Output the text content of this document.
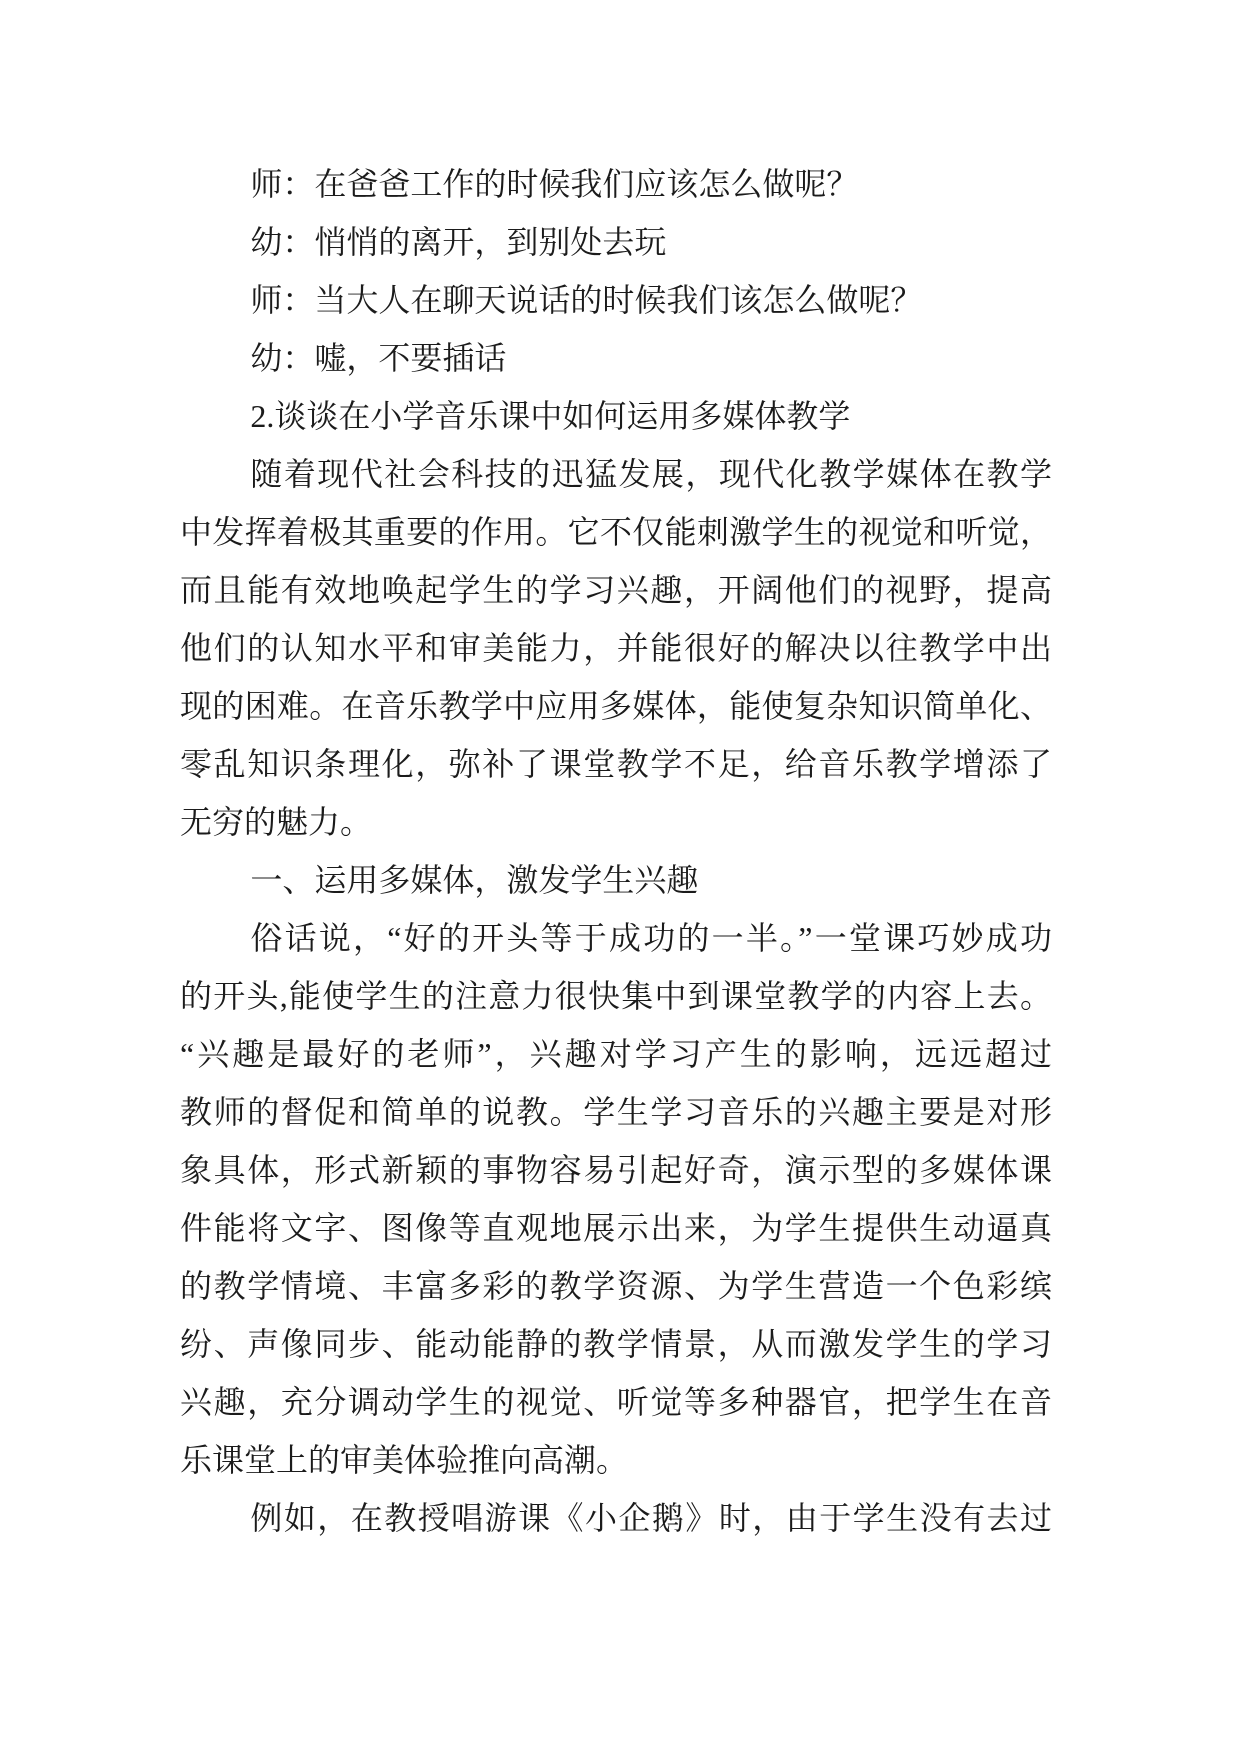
师：在爸爸工作的时候我们应该怎么做呢？
幼：悄悄的离开，到别处去玩
师：当大人在聊天说话的时候我们该怎么做呢？
幼：嘘，不要插话
2.谈谈在小学音乐课中如何运用多媒体教学
随着现代社会科技的迅猛发展，现代化教学媒体在教学
中发挥着极其重要的作用。它不仅能刺激学生的视觉和听觉，
而且能有效地唤起学生的学习兴趣，开阔他们的视野，提高
他们的认知水平和审美能力，并能很好的解决以往教学中出
现的困难。在音乐教学中应用多媒体，能使复杂知识简单化、
零乱知识条理化，弥补了课堂教学不足，给音乐教学增添了
无穷的魅力。
一、运用多媒体，激发学生兴趣
俗话说，“好的开头等于成功的一半。”一堂课巧妙成功
的开头,能使学生的注意力很快集中到课堂教学的内容上去。
“兴趣是最好的老师”，兴趣对学习产生的影响，远远超过
教师的督促和简单的说教。学生学习音乐的兴趣主要是对形
象具体，形式新颖的事物容易引起好奇，演示型的多媒体课
件能将文字、图像等直观地展示出来，为学生提供生动逼真
的教学情境、丰富多彩的教学资源、为学生营造一个色彩缤
纷、声像同步、能动能静的教学情景，从而激发学生的学习
兴趣，充分调动学生的视觉、听觉等多种器官，把学生在音
乐课堂上的审美体验推向高潮。
例如，在教授唱游课《小企鹅》时，由于学生没有去过
